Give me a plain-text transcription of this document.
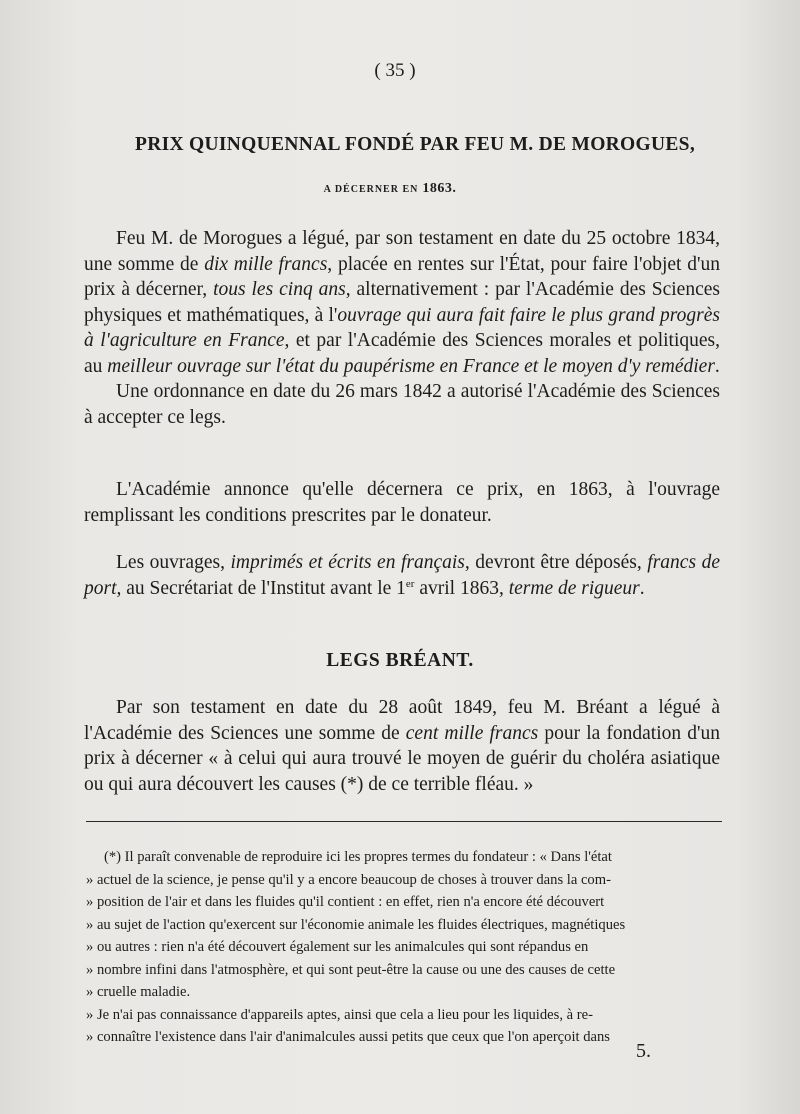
( 35 )
PRIX QUINQUENNAL FONDÉ PAR FEU M. DE MOROGUES,
A DÉCERNER EN 1863.

Feu M. de Morogues a légué, par son testament en date du 25 octobre 1834, une somme de dix mille francs, placée en rentes sur l'État, pour faire l'objet d'un prix à décerner, tous les cinq ans, alternativement : par l'Académie des Sciences physiques et mathématiques, à l'ouvrage qui aura fait faire le plus grand progrès à l'agriculture en France, et par l'Académie des Sciences morales et politiques, au meilleur ouvrage sur l'état du paupérisme en France et le moyen d'y remédier.

Une ordonnance en date du 26 mars 1842 a autorisé l'Académie des Sciences à accepter ce legs.

L'Académie annonce qu'elle décernera ce prix, en 1863, à l'ouvrage remplissant les conditions prescrites par le donateur.

Les ouvrages, imprimés et écrits en français, devront être déposés, francs de port, au Secrétariat de l'Institut avant le 1er avril 1863, terme de rigueur.

LEGS BRÉANT.

Par son testament en date du 28 août 1849, feu M. Bréant a légué à l'Académie des Sciences une somme de cent mille francs pour la fondation d'un prix à décerner « à celui qui aura trouvé le moyen de guérir du choléra asiatique ou qui aura découvert les causes (*) de ce terrible fléau. »

(*) Il paraît convenable de reproduire ici les propres termes du fondateur : « Dans l'état
» actuel de la science, je pense qu'il y a encore beaucoup de choses à trouver dans la com-
» position de l'air et dans les fluides qu'il contient : en effet, rien n'a encore été découvert
» au sujet de l'action qu'exercent sur l'économie animale les fluides électriques, magnétiques
» ou autres : rien n'a été découvert également sur les animalcules qui sont répandus en
» nombre infini dans l'atmosphère, et qui sont peut-être la cause ou une des causes de cette
» cruelle maladie.
» Je n'ai pas connaissance d'appareils aptes, ainsi que cela a lieu pour les liquides, à re-
» connaître l'existence dans l'air d'animalcules aussi petits que ceux que l'on aperçoit dans
5.
